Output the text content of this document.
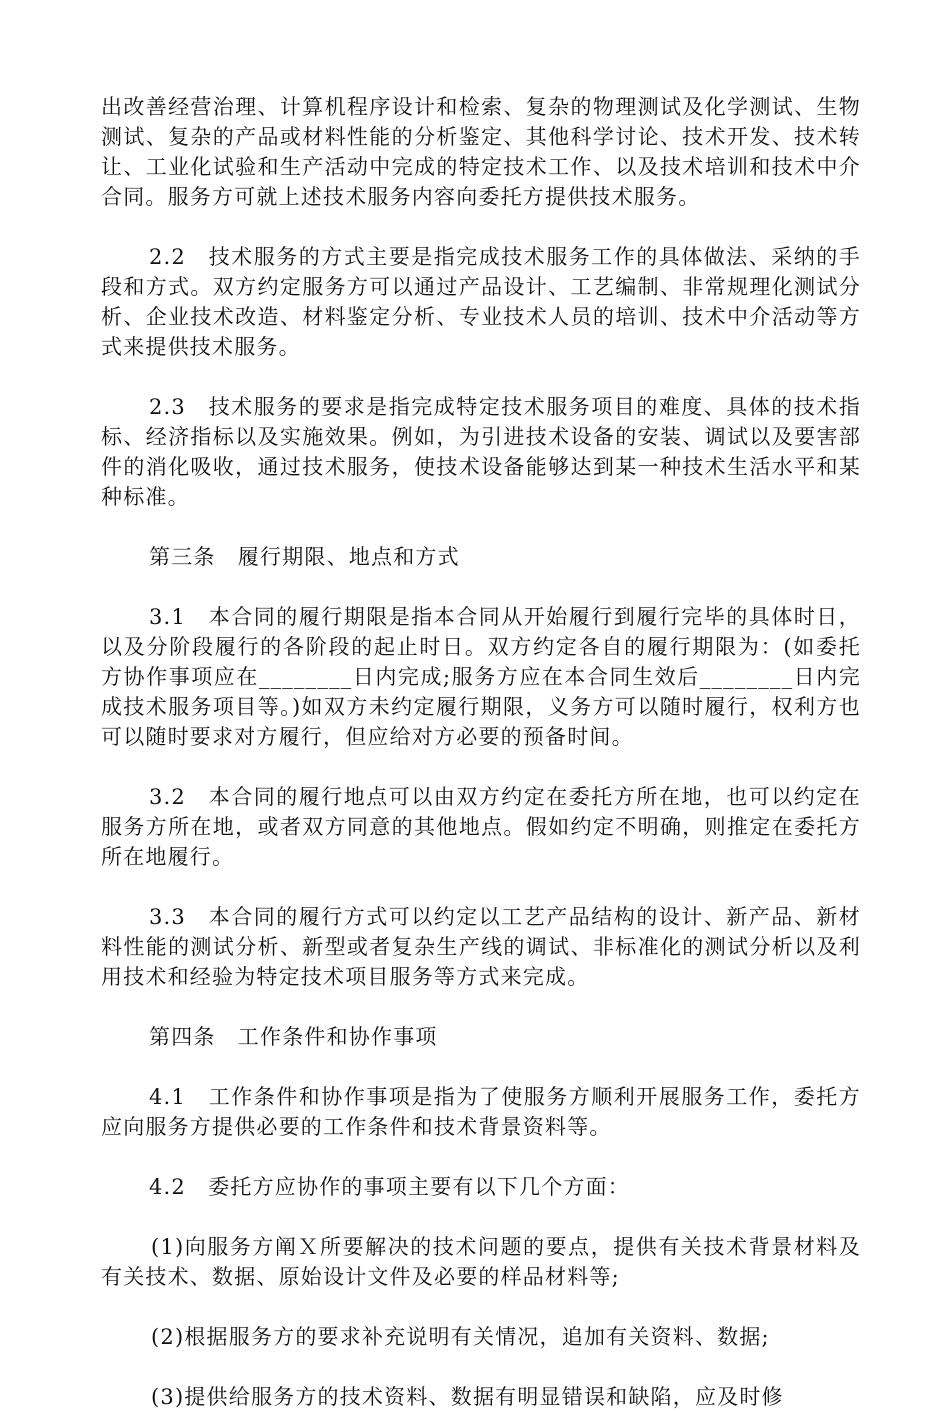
出改善经营治理、计算机程序设计和检索、复杂的物理测试及化学测试、生物测试、复杂的产品或材料性能的分析鉴定、其他科学讨论、技术开发、技术转让、工业化试验和生产活动中完成的特定技术工作、以及技术培训和技术中介合同。服务方可就上述技术服务内容向委托方提供技术服务。

2.2　技术服务的方式主要是指完成技术服务工作的具体做法、采纳的手段和方式。双方约定服务方可以通过产品设计、工艺编制、非常规理化测试分析、企业技术改造、材料鉴定分析、专业技术人员的培训、技术中介活动等方式来提供技术服务。

2.3　技术服务的要求是指完成特定技术服务项目的难度、具体的技术指标、经济指标以及实施效果。例如，为引进技术设备的安装、调试以及要害部件的消化吸收，通过技术服务，使技术设备能够达到某一种技术生活水平和某种标准。

第三条　履行期限、地点和方式

3.1　本合同的履行期限是指本合同从开始履行到履行完毕的具体时日，以及分阶段履行的各阶段的起止时日。双方约定各自的履行期限为：(如委托方协作事项应在________日内完成;服务方应在本合同生效后________日内完成技术服务项目等。)如双方未约定履行期限，义务方可以随时履行，权利方也可以随时要求对方履行，但应给对方必要的预备时间。

3.2　本合同的履行地点可以由双方约定在委托方所在地，也可以约定在服务方所在地，或者双方同意的其他地点。假如约定不明确，则推定在委托方所在地履行。

3.3　本合同的履行方式可以约定以工艺产品结构的设计、新产品、新材料性能的测试分析、新型或者复杂生产线的调试、非标准化的测试分析以及利用技术和经验为特定技术项目服务等方式来完成。

第四条　工作条件和协作事项

4.1　工作条件和协作事项是指为了使服务方顺利开展服务工作，委托方应向服务方提供必要的工作条件和技术背景资料等。

4.2　委托方应协作的事项主要有以下几个方面：

(1)向服务方阐Ｘ所要解决的技术问题的要点，提供有关技术背景材料及有关技术、数据、原始设计文件及必要的样品材料等;

(2)根据服务方的要求补充说明有关情况，追加有关资料、数据;

(3)提供给服务方的技术资料、数据有明显错误和缺陷，应及时修
